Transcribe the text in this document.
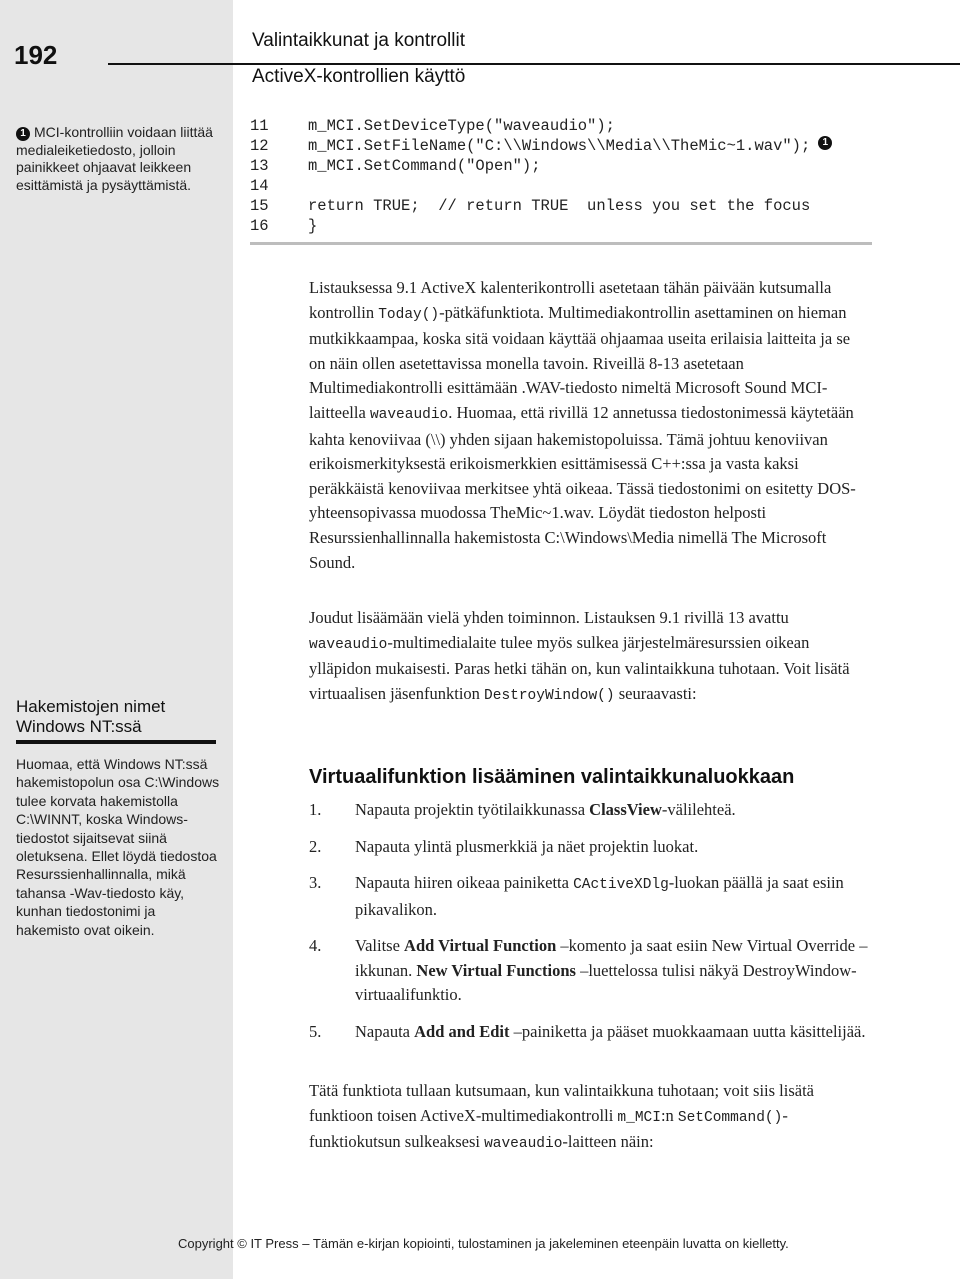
192	Valintaikkunat ja kontrollit
ActiveX-kontrollien käyttö
1 MCI-kontrolliin voidaan liittää medialeiketiedosto, jolloin painikkeet ohjaavat leikkeen esittämistä ja pysäyttämistä.
11	m_MCI.SetDeviceType("waveaudio");
12	m_MCI.SetFileName("C:\\Windows\\Media\\TheMic~1.wav");	1
13	m_MCI.SetCommand("Open");
14
15	return TRUE;  // return TRUE  unless you set the focus
16	}
Listauksessa 9.1 ActiveX kalenterikontrolli asetetaan tähän päivään kutsumalla kontrollin Today()-pätkäfunktiota. Multimediakontrollin asettaminen on hieman mutkikkaampaa, koska sitä voidaan käyttää ohjaamaa useita erilaisia laitteita ja se on näin ollen asetettavissa monella tavoin. Riveillä 8-13 asetetaan Multimediakontrolli esittämään .WAV-tiedosto nimeltä Microsoft Sound MCI-laitteella waveaudio. Huomaa, että rivillä 12 annetussa tiedostonimessä käytetään kahta kenoviivaa (\\) yhden sijaan hakemistopoluissa. Tämä johtuu kenoviivan erikoismerkityksestä erikoismerkkien esittämisessä C++:ssa ja vasta kaksi peräkkäistä kenoviivaa merkitsee yhtä oikeaa. Tässä tiedostonimi on esitetty DOS-yhteensopivassa muodossa TheMic~1.wav. Löydät tiedoston helposti Resurssienhallinnalla hakemistosta C:\Windows\Media nimellä The Microsoft Sound.
Joudut lisäämään vielä yhden toiminnon. Listauksen 9.1 rivillä 13 avattu waveaudio-multimedialaite tulee myös sulkea järjestelmäresurssien oikean ylläpidon mukaisesti. Paras hetki tähän on, kun valintaikkuna tuhotaan. Voit lisätä virtuaalisen jäsenfunktion DestroyWindow() seuraavasti:
Hakemistojen nimet
Windows NT:ssä
Huomaa, että Windows NT:ssä hakemistopolun osa C:\Windows tulee korvata hakemistolla C:\WINNT, koska Windows-tiedostot sijaitsevat siinä oletuksena. Ellet löydä tiedostoa Resurssienhallinnalla, mikä tahansa -Wav-tiedosto käy, kunhan tiedostonimi ja hakemisto ovat oikein.
Virtuaalifunktion lisääminen valintaikkunaluokkaan
1.	Napauta projektin työtilaikkunassa ClassView-välilehteä.
2.	Napauta ylintä plusmerkkiä ja näet projektin luokat.
3.	Napauta hiiren oikeaa painiketta CActiveXDlg-luokan päällä ja saat esiin pikavalikon.
4.	Valitse Add Virtual Function –komento ja saat esiin New Virtual Override –ikkunan. New Virtual Functions –luettelossa tulisi näkyä DestroyWindow-virtuaalifunktio.
5.	Napauta Add and Edit –painiketta ja pääset muokkaamaan uutta käsittelijää.
Tätä funktiota tullaan kutsumaan, kun valintaikkuna tuhotaan; voit siis lisätä funktioon toisen ActiveX-multimediakontrolli m_MCI:n SetCommand()-funktiokutsun sulkeaksesi waveaudio-laitteen näin:
Copyright © IT Press – Tämän e-kirjan kopiointi, tulostaminen ja jakeleminen eteenpäin luvatta on kielletty.
